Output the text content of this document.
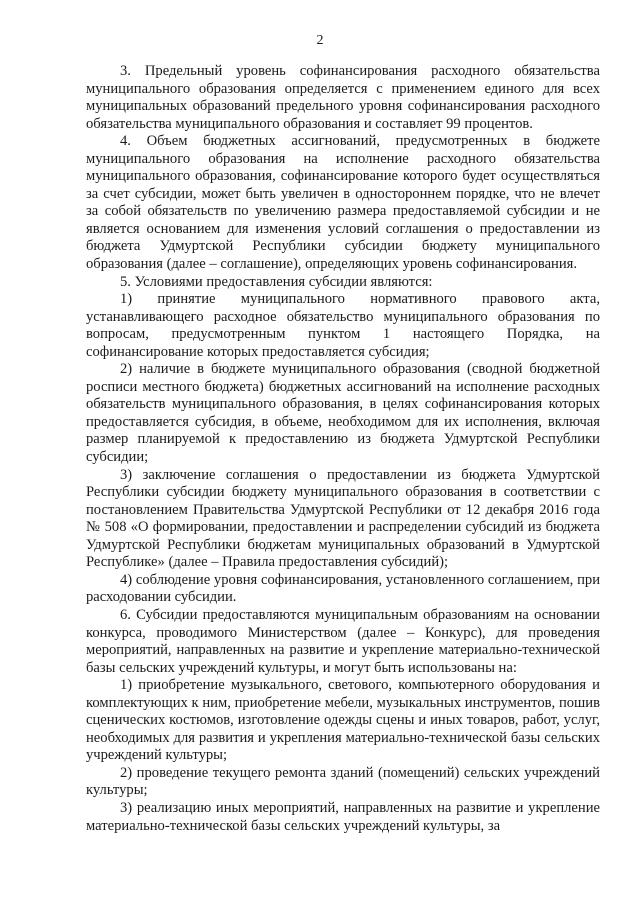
2

3. Предельный уровень софинансирования расходного обязательства муниципального образования определяется с применением единого для всех муниципальных образований предельного уровня софинансирования расходного обязательства муниципального образования и составляет 99 процентов.

4. Объем бюджетных ассигнований, предусмотренных в бюджете муниципального образования на исполнение расходного обязательства муниципального образования, софинансирование которого будет осуществляться за счет субсидии, может быть увеличен в одностороннем порядке, что не влечет за собой обязательств по увеличению размера предоставляемой субсидии и не является основанием для изменения условий соглашения о предоставлении из бюджета Удмуртской Республики субсидии бюджету муниципального образования (далее – соглашение), определяющих уровень софинансирования.

5. Условиями предоставления субсидии являются:

1) принятие муниципального нормативного правового акта, устанавливающего расходное обязательство муниципального образования по вопросам, предусмотренным пунктом 1 настоящего Порядка, на софинансирование которых предоставляется субсидия;

2) наличие в бюджете муниципального образования (сводной бюджетной росписи местного бюджета) бюджетных ассигнований на исполнение расходных обязательств муниципального образования, в целях софинансирования которых предоставляется субсидия, в объеме, необходимом для их исполнения, включая размер планируемой к предоставлению из бюджета Удмуртской Республики субсидии;

3) заключение соглашения о предоставлении из бюджета Удмуртской Республики субсидии бюджету муниципального образования в соответствии с постановлением Правительства Удмуртской Республики от 12 декабря 2016 года № 508 «О формировании, предоставлении и распределении субсидий из бюджета Удмуртской Республики бюджетам муниципальных образований в Удмуртской Республике» (далее – Правила предоставления субсидий);

4) соблюдение уровня софинансирования, установленного соглашением, при расходовании субсидии.

6. Субсидии предоставляются муниципальным образованиям на основании конкурса, проводимого Министерством (далее – Конкурс), для проведения мероприятий, направленных на развитие и укрепление материально-технической базы сельских учреждений культуры, и могут быть использованы на:

1) приобретение музыкального, светового, компьютерного оборудования и комплектующих к ним, приобретение мебели, музыкальных инструментов, пошив сценических костюмов, изготовление одежды сцены и иных товаров, работ, услуг, необходимых для развития и укрепления материально-технической базы сельских учреждений культуры;

2) проведение текущего ремонта зданий (помещений) сельских учреждений культуры;

3) реализацию иных мероприятий, направленных на развитие и укрепление материально-технической базы сельских учреждений культуры, за
